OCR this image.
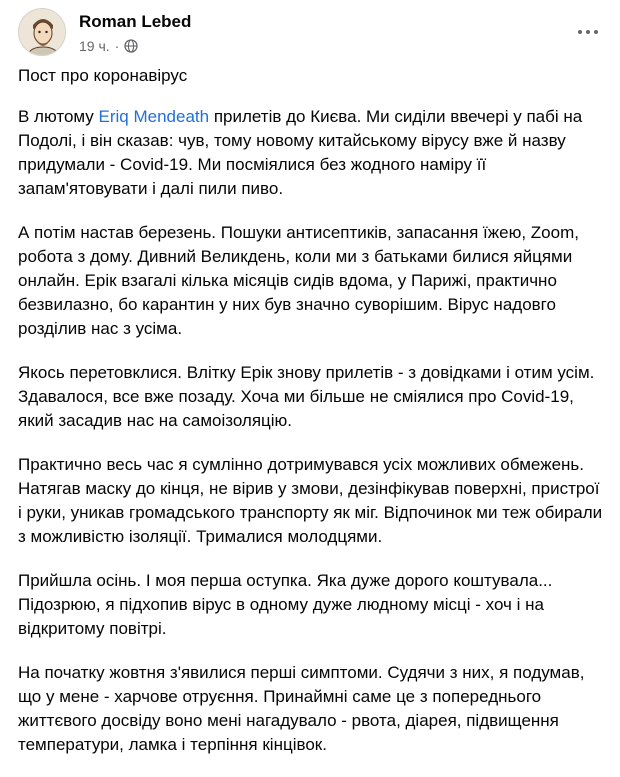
Roman Lebed
19 ч. ·

Пост про коронавірус

В лютому Eriq Mendeath прилетів до Києва. Ми сиділи ввечері у пабі на Подолі, і він сказав: чув, тому новому китайському вірусу вже й назву придумали - Covid-19. Ми посміялися без жодного наміру її запам'ятовувати і далі пили пиво.

А потім настав березень. Пошуки антисептиків, запасання їжею, Zoom, робота з дому. Дивний Великдень, коли ми з батьками билися яйцями онлайн. Ерік взагалі кілька місяців сидів вдома, у Парижі, практично безвилазно, бо карантин у них був значно суворішим. Вірус надовго розділив нас з усіма.

Якось перетовклися. Влітку Ерік знову прилетів - з довідками і отим усім. Здавалося, все вже позаду. Хоча ми більше не сміялися про Covid-19, який засадив нас на самоізоляцію.

Практично весь час я сумлінно дотримувався усіх можливих обмежень. Натягав маску до кінця, не вірив у змови, дезінфікував поверхні, пристрої і руки, уникав громадського транспорту як міг. Відпочинок ми теж обирали з можливістю ізоляції. Трималися молодцями.

Прийшла осінь. І моя перша оступка. Яка дуже дорого коштувала... Підозрюю, я підхопив вірус в одному дуже людному місці - хоч і на відкритому повітрі.

На початку жовтня з'явилися перші симптоми. Судячи з них, я подумав, що у мене - харчове отруєння. Принаймні саме це з попереднього життєвого досвіду воно мені нагадувало - рвота, діарея, підвищення температури, ламка і терпіння кінцівок.
